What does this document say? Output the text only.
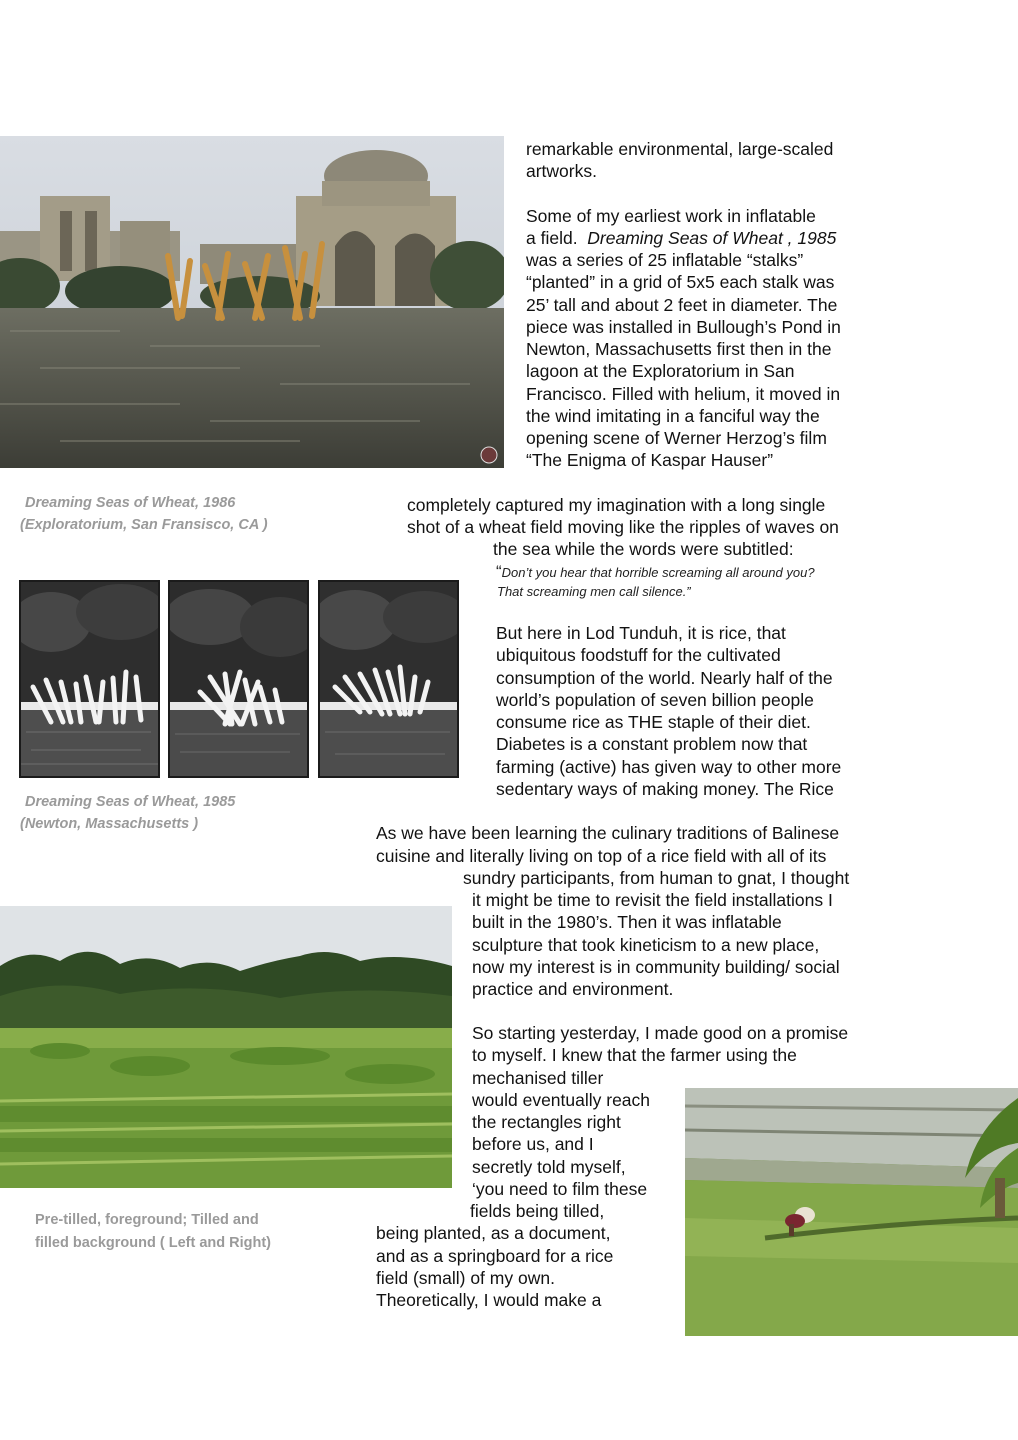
remarkable environmental, large-scaled
artworks.
Some of my earliest work in inflatable
a field. Dreaming Seas of Wheat , 1985
was a series of 25 inflatable “stalks”
“planted” in a grid of 5x5 each stalk was
25’ tall and about 2 feet in diameter. The
piece was installed in Bullough’s Pond in
Newton, Massachusetts first then in the
lagoon at the Exploratorium in San
Francisco. Filled with helium, it moved in
the wind imitating in a fanciful way the
opening scene of Werner Herzog’s film
“The Enigma of Kaspar Hauser”
completely captured my imagination with a long single
shot of a wheat field moving like the ripples of waves on
the sea while the words were subtitled:
Dreaming Seas of Wheat, 1986
(Exploratorium, San Fransisco, CA )
“Don’t you hear that horrible screaming all around you?
That screaming men call silence.”
But here in Lod Tunduh, it is rice, that
ubiquitous foodstuff for the cultivated
consumption of the world. Nearly half of the
world’s population of seven billion people
consume rice as THE staple of their diet.
Diabetes is a constant problem now that
farming (active) has given way to other more
sedentary ways of making money. The Rice
Dreaming Seas of Wheat, 1985
(Newton, Massachusetts )	As we have been learning the culinary traditions of Balinese
cuisine and literally living on top of a rice field with all of its
sundry participants, from human to gnat, I thought
it might be time to revisit the field installations I
built in the 1980’s. Then it was inflatable
sculpture that took kineticism to a new place,
now my interest is in community building/ social
practice and environment.
So starting yesterday, I made good on a promise
to myself. I knew that the farmer using the
mechanised tiller
would eventually reach
the rectangles right
before us, and I
secretly told myself,
‘you need to film these
fields being tilled,
being planted, as a document,
and as a springboard for a rice
field (small) of my own.
Theoretically, I would make a
Pre-tilled, foreground; Tilled and
filled background ( Left and Right)
